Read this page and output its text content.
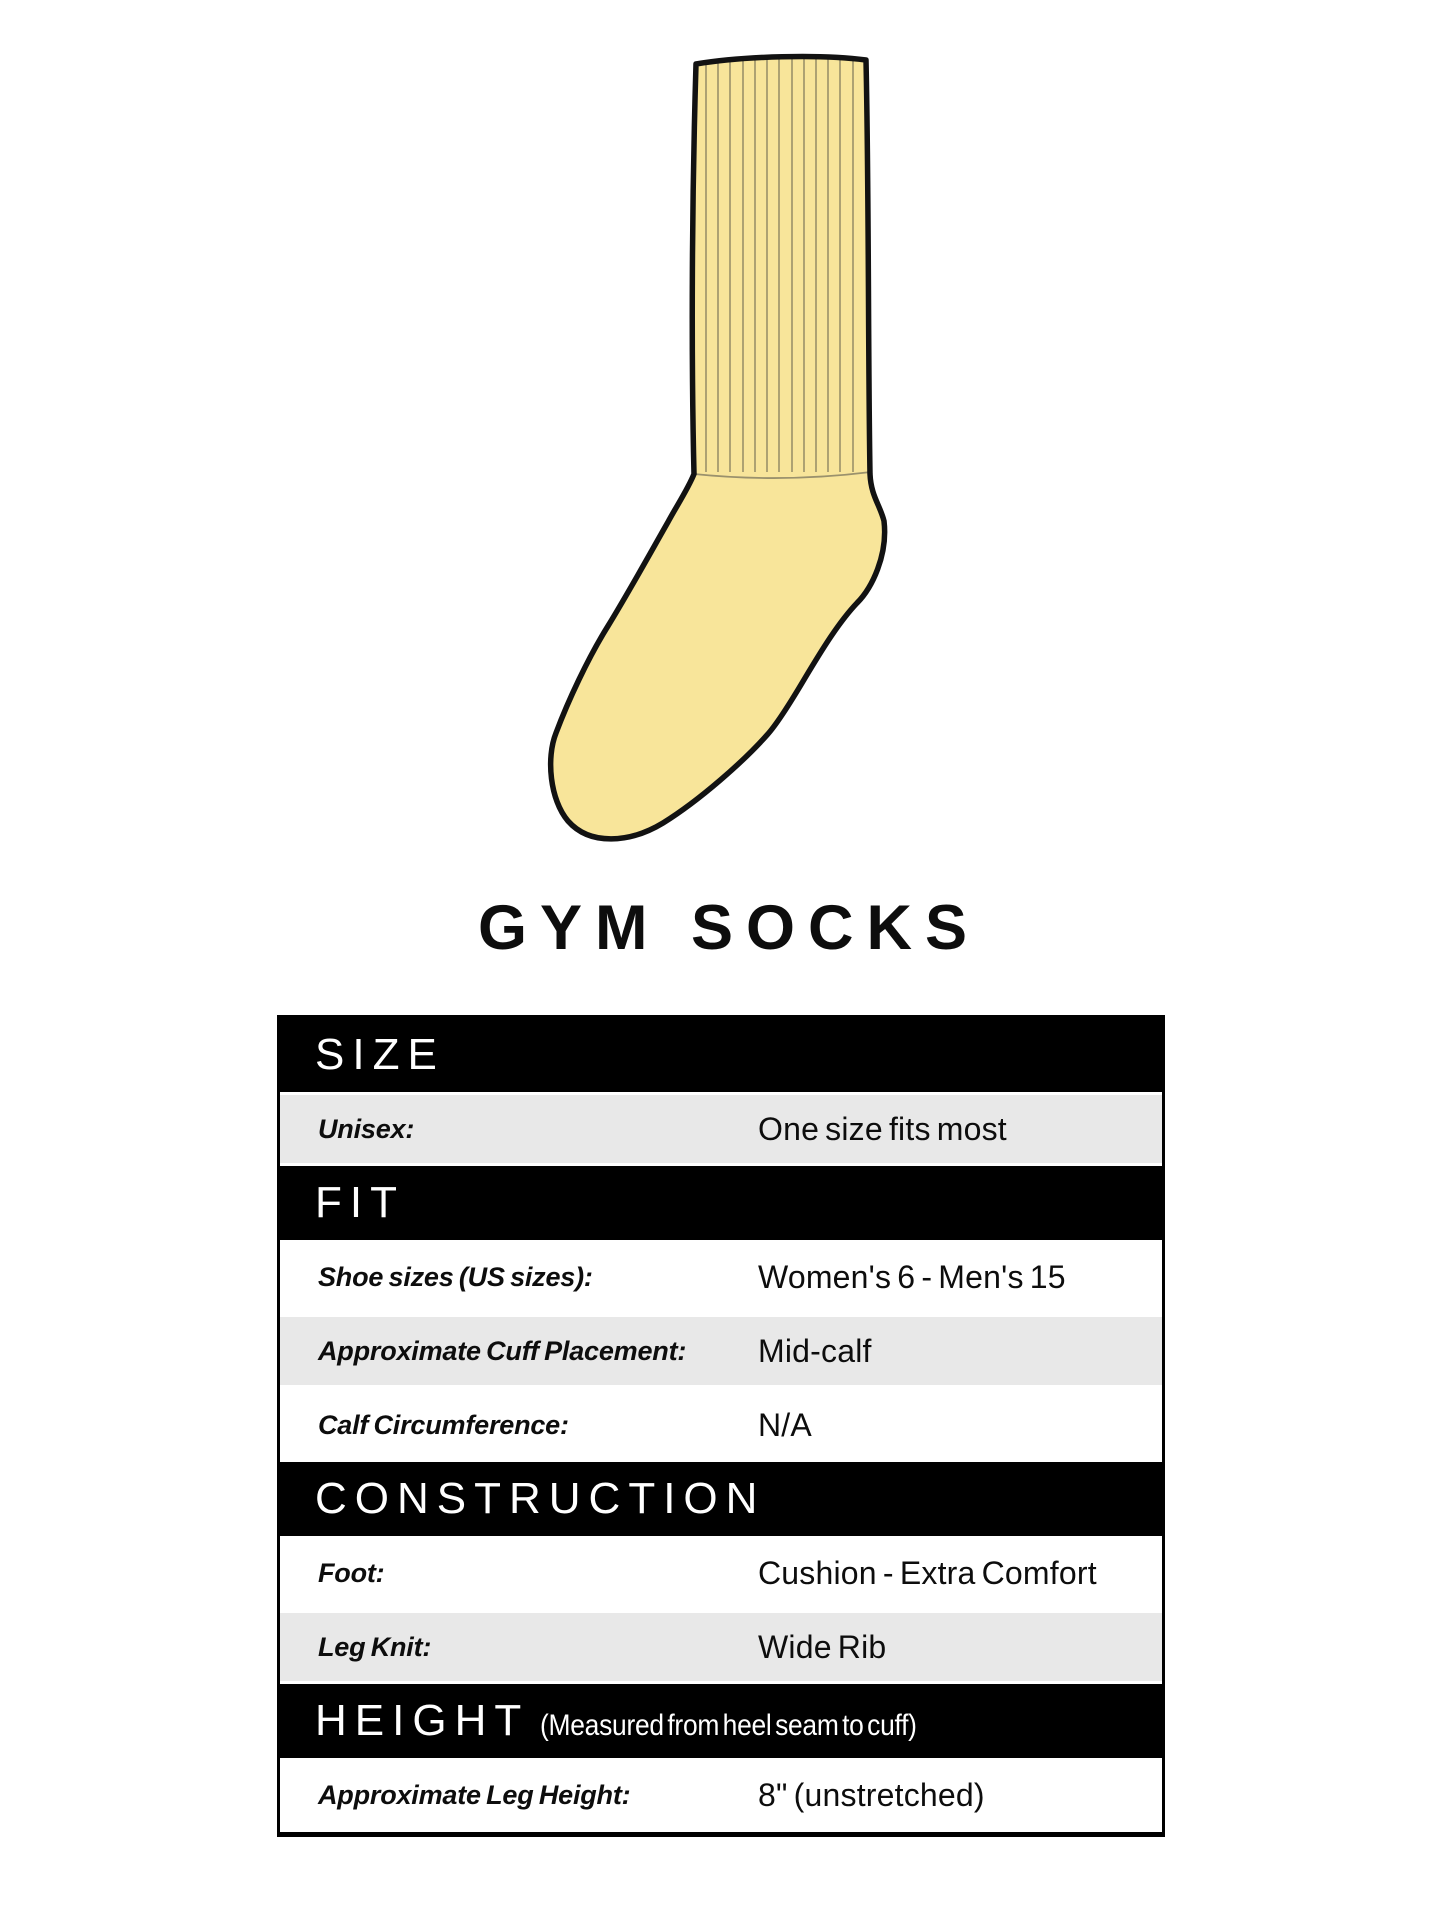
GYM SOCKS
SIZE
Unisex:	One size fits most
FIT
Shoe sizes (US sizes):	Women's 6 - Men's 15
Approximate Cuff Placement:	Mid-calf
Calf Circumference:	N/A
CONSTRUCTION
Foot:	Cushion - Extra Comfort
Leg Knit:	Wide Rib
HEIGHT (Measured from heel seam to cuff)
Approximate Leg Height:	8" (unstretched)
